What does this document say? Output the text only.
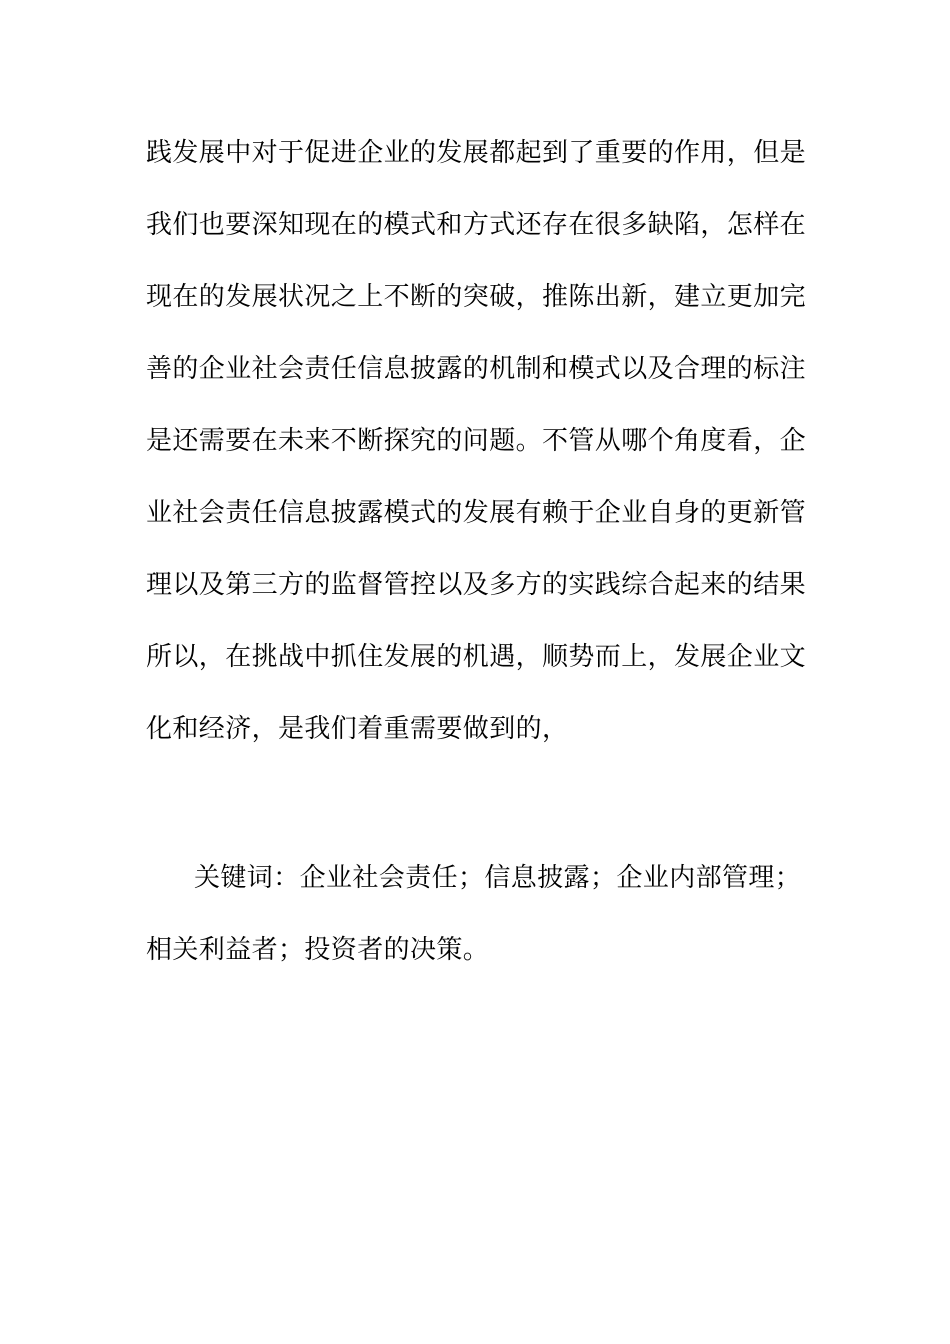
践发展中对于促进企业的发展都起到了重要的作用，但是
我们也要深知现在的模式和方式还存在很多缺陷，怎样在
现在的发展状况之上不断的突破，推陈出新，建立更加完
善的企业社会责任信息披露的机制和模式以及合理的标注
是还需要在未来不断探究的问题。不管从哪个角度看，企
业社会责任信息披露模式的发展有赖于企业自身的更新管
理以及第三方的监督管控以及多方的实践综合起来的结果
所以，在挑战中抓住发展的机遇，顺势而上，发展企业文
化和经济，是我们着重需要做到的，
关键词：企业社会责任；信息披露；企业内部管理；
相关利益者；投资者的决策。
